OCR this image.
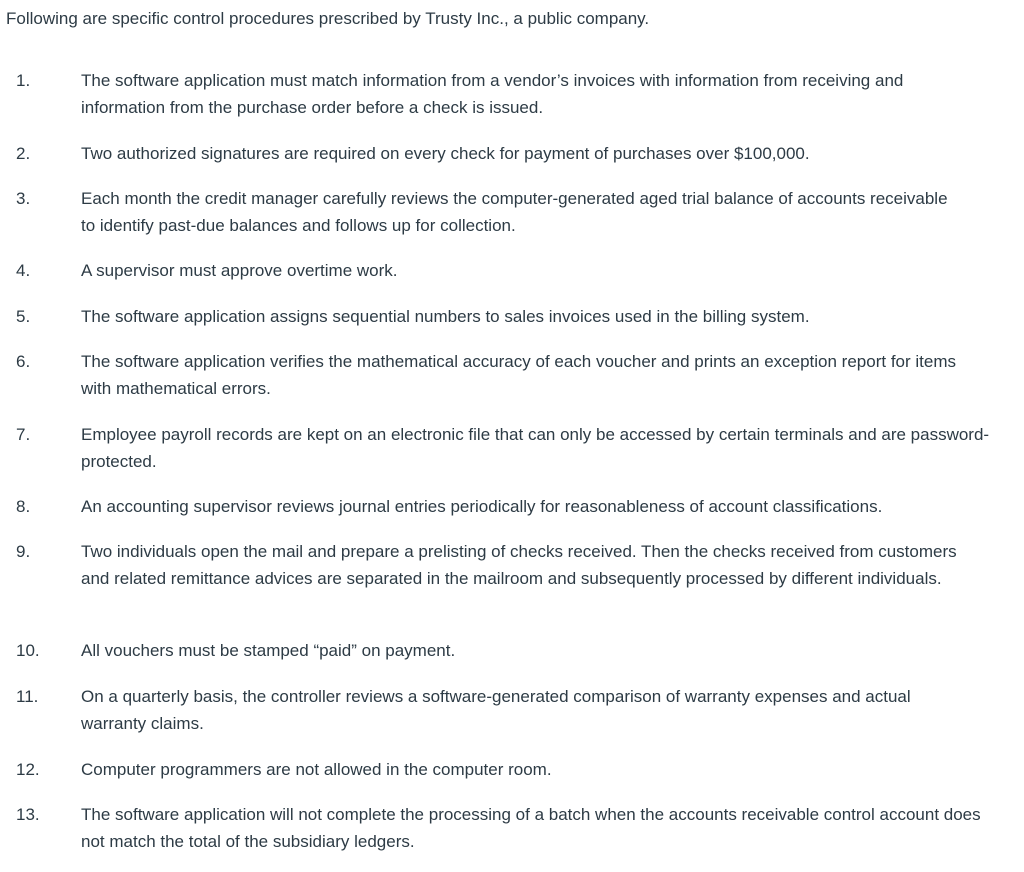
Following are specific control procedures prescribed by Trusty Inc., a public company.
1.	The software application must match information from a vendor’s invoices with information from receiving and information from the purchase order before a check is issued.
2.	Two authorized signatures are required on every check for payment of purchases over $100,000.
3.	Each month the credit manager carefully reviews the computer-generated aged trial balance of accounts receivable to identify past-due balances and follows up for collection.
4.	A supervisor must approve overtime work.
5.	The software application assigns sequential numbers to sales invoices used in the billing system.
6.	The software application verifies the mathematical accuracy of each voucher and prints an exception report for items with mathematical errors.
7.	Employee payroll records are kept on an electronic file that can only be accessed by certain terminals and are password-protected.
8.	An accounting supervisor reviews journal entries periodically for reasonableness of account classifications.
9.	Two individuals open the mail and prepare a prelisting of checks received. Then the checks received from customers and related remittance advices are separated in the mailroom and subsequently processed by different individuals.
10.	All vouchers must be stamped “paid” on payment.
11.	On a quarterly basis, the controller reviews a software-generated comparison of warranty expenses and actual warranty claims.
12.	Computer programmers are not allowed in the computer room.
13.	The software application will not complete the processing of a batch when the accounts receivable control account does not match the total of the subsidiary ledgers.
